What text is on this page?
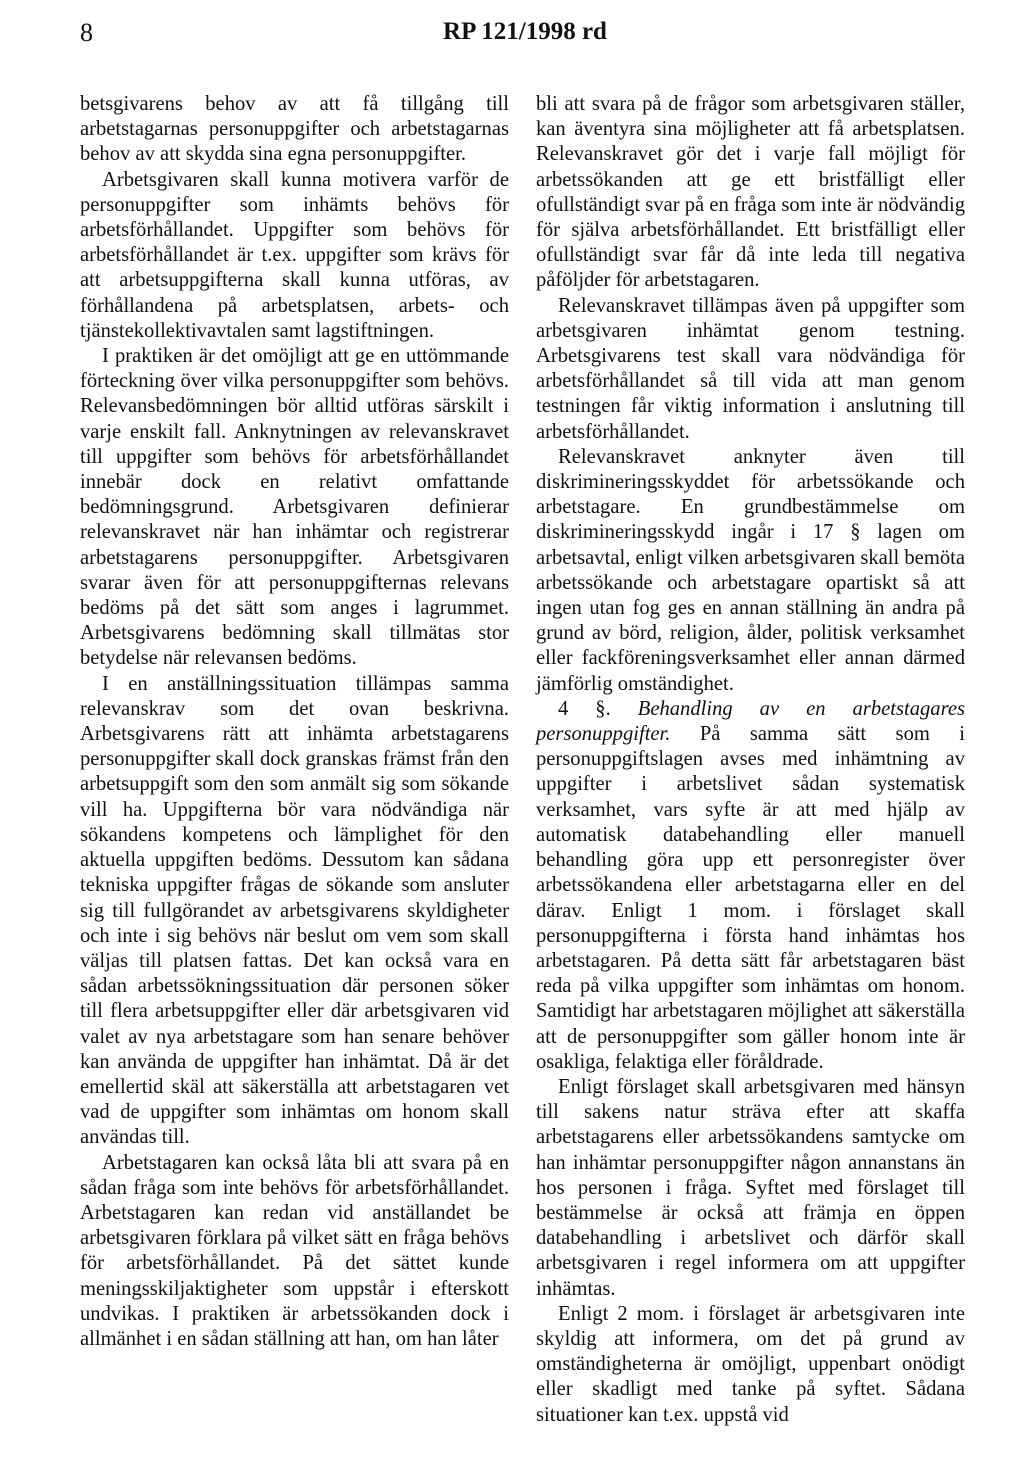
8	RP 121/1998 rd

betsgivarens behov av att få tillgång till arbetstagarnas personuppgifter och arbetstagarnas behov av att skydda sina egna personuppgifter.

Arbetsgivaren skall kunna motivera varför de personuppgifter som inhämts behövs för arbetsförhållandet. Uppgifter som behövs för arbetsförhållandet är t.ex. uppgifter som krävs för att arbetsuppgifterna skall kunna utföras, av förhållandena på arbetsplatsen, arbets- och tjänstekollektivavtalen samt lagstiftningen.

I praktiken är det omöjligt att ge en uttömmande förteckning över vilka personuppgifter som behövs. Relevansbedömningen bör alltid utföras särskilt i varje enskilt fall. Anknytningen av relevanskravet till uppgifter som behövs för arbetsförhållandet innebär dock en relativt omfattande bedömningsgrund. Arbetsgivaren definierar relevanskravet när han inhämtar och registrerar arbetstagarens personuppgifter. Arbetsgivaren svarar även för att personuppgifternas relevans bedöms på det sätt som anges i lagrummet. Arbetsgivarens bedömning skall tillmätas stor betydelse när relevansen bedöms.

I en anställningssituation tillämpas samma relevanskrav som det ovan beskrivna. Arbetsgivarens rätt att inhämta arbetstagarens personuppgifter skall dock granskas främst från den arbetsuppgift som den som anmält sig som sökande vill ha. Uppgifterna bör vara nödvändiga när sökandens kompetens och lämplighet för den aktuella uppgiften bedöms. Dessutom kan sådana tekniska uppgifter frågas de sökande som ansluter sig till fullgörandet av arbetsgivarens skyldigheter och inte i sig behövs när beslut om vem som skall väljas till platsen fattas. Det kan också vara en sådan arbetssökningssituation där personen söker till flera arbetsuppgifter eller där arbetsgivaren vid valet av nya arbetstagare som han senare behöver kan använda de uppgifter han inhämtat. Då är det emellertid skäl att säkerställa att arbetstagaren vet vad de uppgifter som inhämtas om honom skall användas till.

Arbetstagaren kan också låta bli att svara på en sådan fråga som inte behövs för arbetsförhållandet. Arbetstagaren kan redan vid anställandet be arbetsgivaren förklara på vilket sätt en fråga behövs för arbetsförhållandet. På det sättet kunde meningsskiljaktigheter som uppstår i efterskott undvikas. I praktiken är arbetssökanden dock i allmänhet i en sådan ställning att han, om han låter

bli att svara på de frågor som arbetsgivaren ställer, kan äventyra sina möjligheter att få arbetsplatsen. Relevanskravet gör det i varje fall möjligt för arbetssökanden att ge ett bristfälligt eller ofullständigt svar på en fråga som inte är nödvändig för själva arbetsförhållandet. Ett bristfälligt eller ofullständigt svar får då inte leda till negativa påföljder för arbetstagaren.

Relevanskravet tillämpas även på uppgifter som arbetsgivaren inhämtat genom testning. Arbetsgivarens test skall vara nödvändiga för arbetsförhållandet så till vida att man genom testningen får viktig information i anslutning till arbetsförhållandet.

Relevanskravet anknyter även till diskrimineringsskyddet för arbetssökande och arbetstagare. En grundbestämmelse om diskrimineringsskydd ingår i 17 § lagen om arbetsavtal, enligt vilken arbetsgivaren skall bemöta arbetssökande och arbetstagare opartiskt så att ingen utan fog ges en annan ställning än andra på grund av börd, religion, ålder, politisk verksamhet eller fackföreningsverksamhet eller annan därmed jämförlig omständighet.

4 §. Behandling av en arbetstagares personuppgifter. På samma sätt som i personuppgiftslagen avses med inhämtning av uppgifter i arbetslivet sådan systematisk verksamhet, vars syfte är att med hjälp av automatisk databehandling eller manuell behandling göra upp ett personregister över arbetssökandena eller arbetstagarna eller en del därav. Enligt 1 mom. i förslaget skall personuppgifterna i första hand inhämtas hos arbetstagaren. På detta sätt får arbetstagaren bäst reda på vilka uppgifter som inhämtas om honom. Samtidigt har arbetstagaren möjlighet att säkerställa att de personuppgifter som gäller honom inte är osakliga, felaktiga eller föråldrade.

Enligt förslaget skall arbetsgivaren med hänsyn till sakens natur sträva efter att skaffa arbetstagarens eller arbetssökandens samtycke om han inhämtar personuppgifter någon annanstans än hos personen i fråga. Syftet med förslaget till bestämmelse är också att främja en öppen databehandling i arbetslivet och därför skall arbetsgivaren i regel informera om att uppgifter inhämtas.

Enligt 2 mom. i förslaget är arbetsgivaren inte skyldig att informera, om det på grund av omständigheterna är omöjligt, uppenbart onödigt eller skadligt med tanke på syftet. Sådana situationer kan t.ex. uppstå vid
